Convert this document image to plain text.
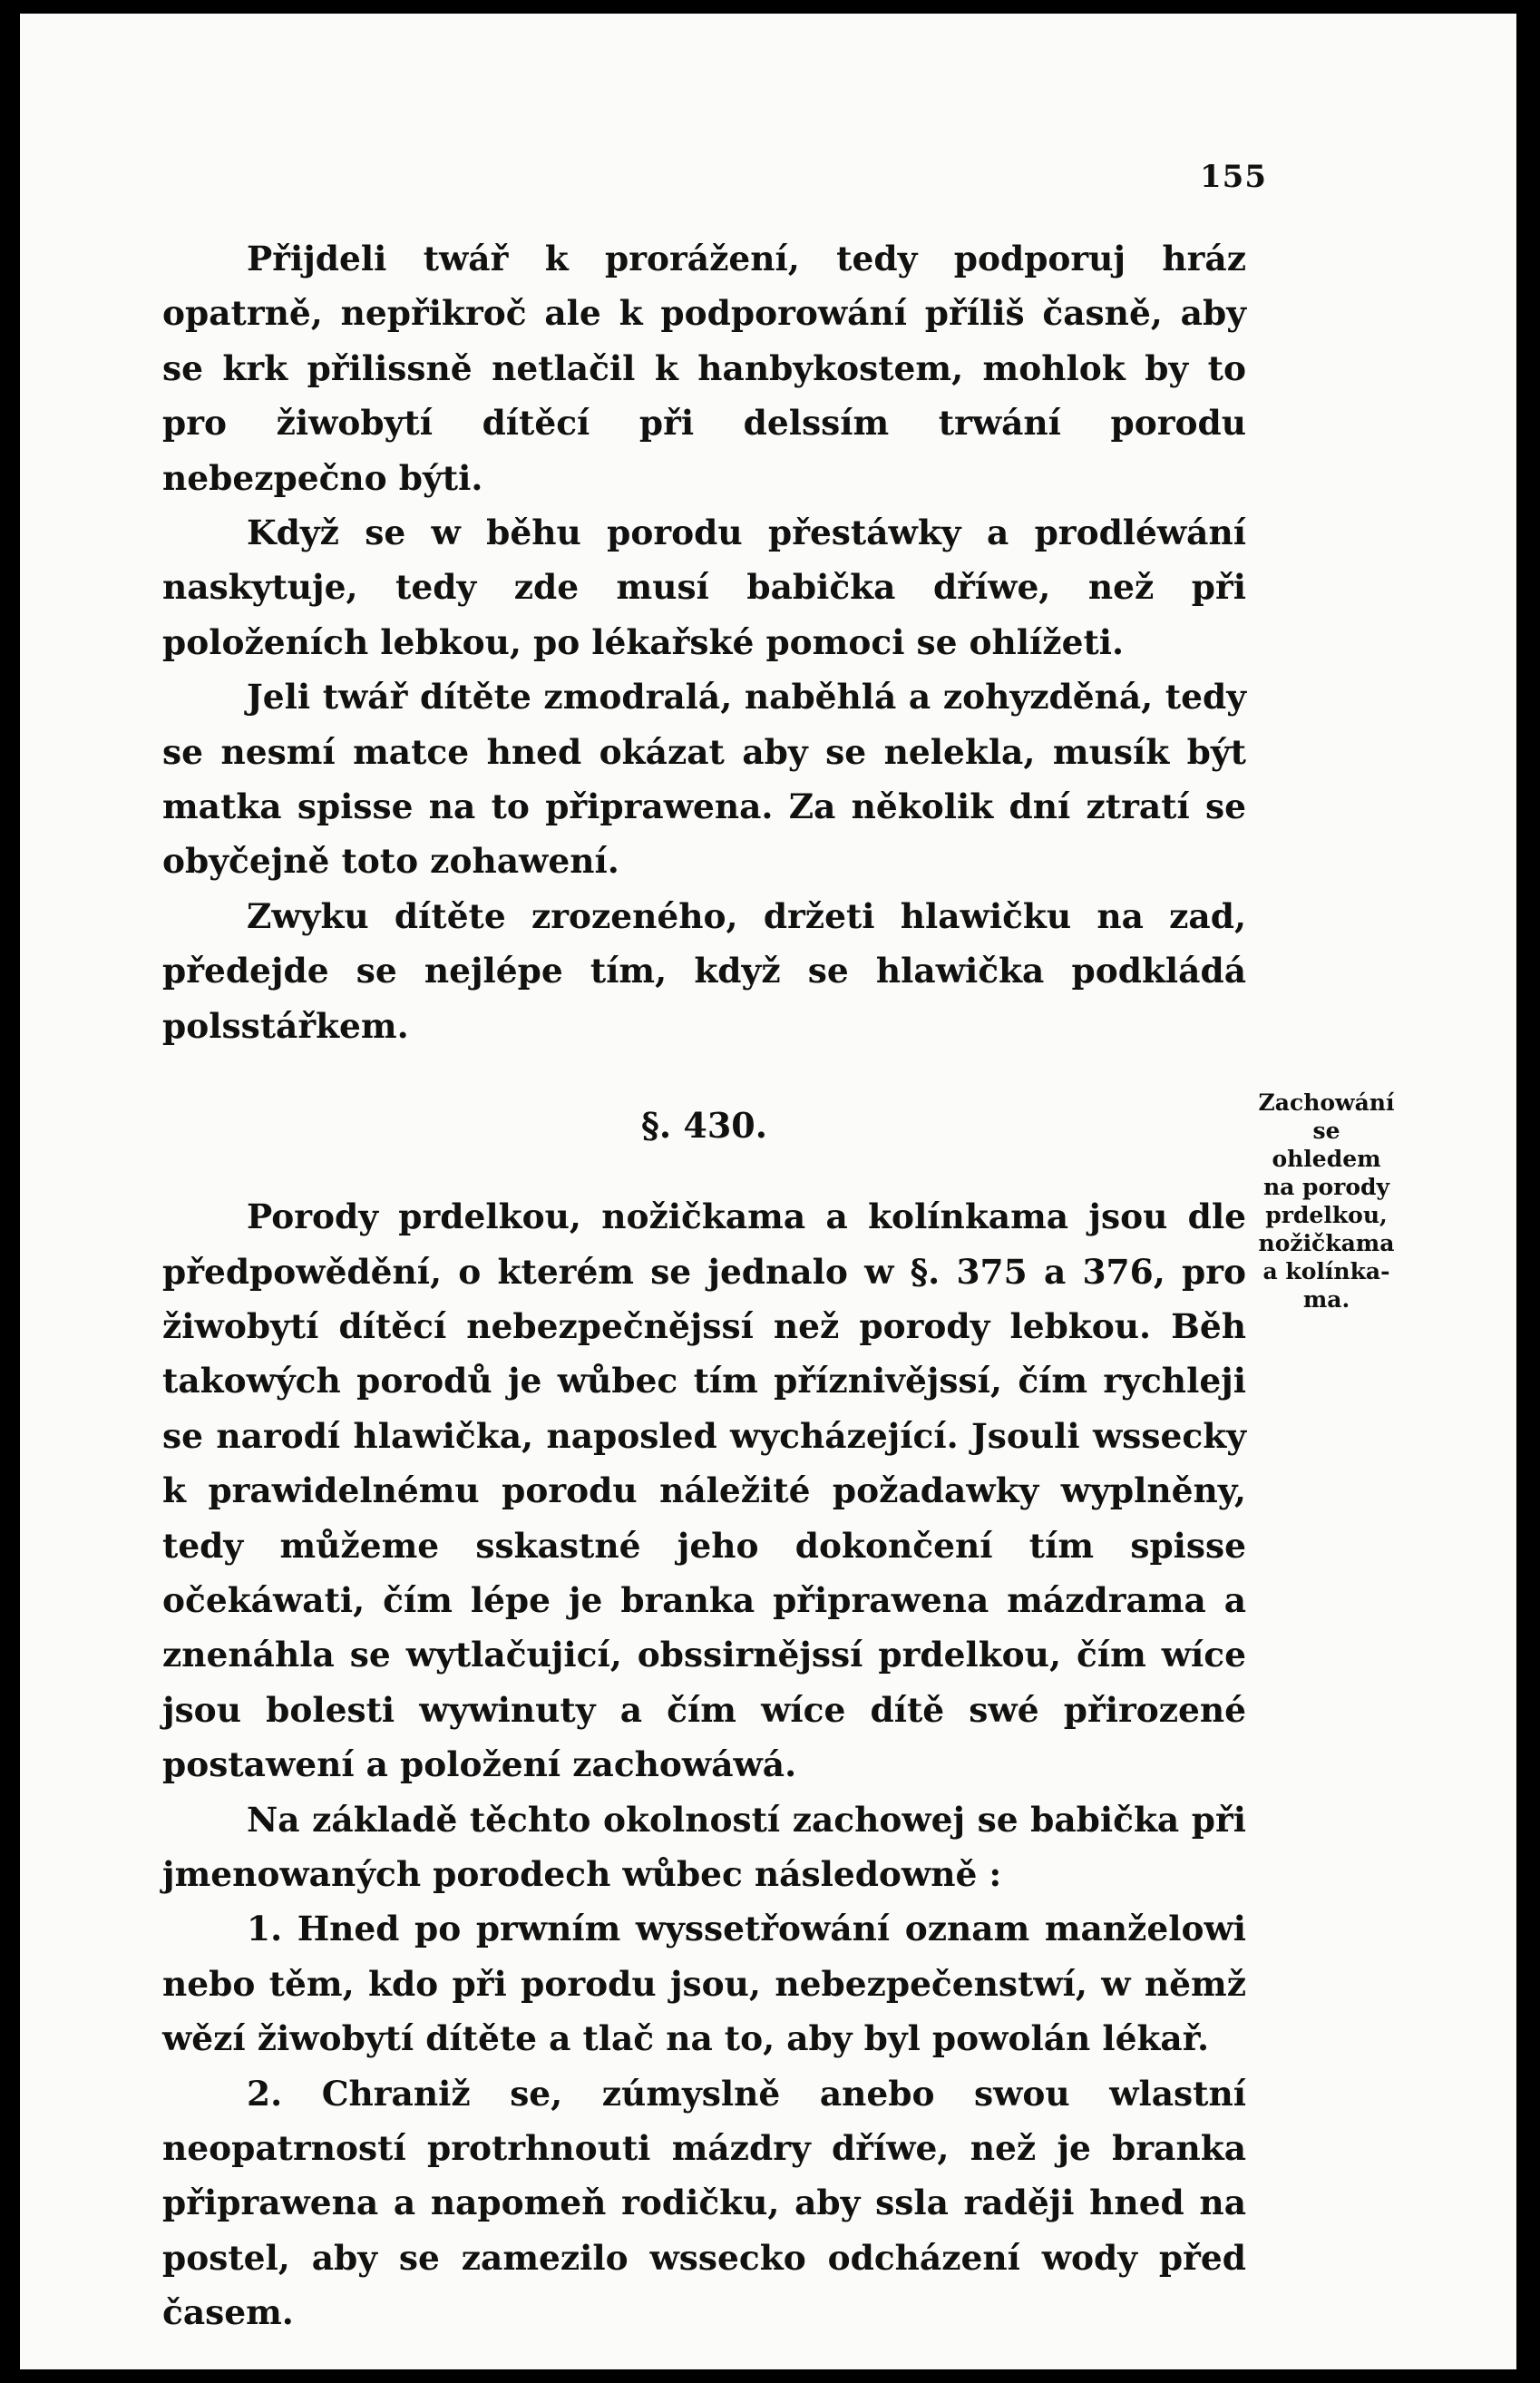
155

Přijdeli twář k prorážení, tedy podporuj hráz opatrně, nepřikroč ale k podporowání příliš časně, aby se krk přilissně netlačil k hanbykostem, mohlok by to pro žiwobytí dítěcí při delssím trwání porodu nebezpečno býti.

Když se w běhu porodu přestáwky a prodléwání naskytuje, tedy zde musí babička dříwe, než při položeních lebkou, po lékařské pomoci se ohlížeti.

Jeli twář dítěte zmodralá, naběhlá a zohyzděná, tedy se nesmí matce hned okázat aby se nelekla, musík být matka spisse na to připrawena. Za několik dní ztratí se obyčejně toto zohawení.

Zwyku dítěte zrozeného, držeti hlawičku na zad, předejde se nejlépe tím, když se hlawička podkládá polsstářkem.

§. 430.

Porody prdelkou, nožičkama a kolínkama jsou dle předpowědění, o kterém se jednalo w §. 375 a 376, pro žiwobytí dítěcí nebezpečnějssí než porody lebkou. Běh takowých porodů je wůbec tím příznivějssí, čím rychleji se narodí hlawička, naposled wycházející. Jsouli wssecky k prawidelnému porodu náležité požadawky wyplněny, tedy můžeme sskastné jeho dokončení tím spisse očekáwati, čím lépe je branka připrawena mázdrama a znenáhla se wytlačujicí, obssirnějssí prdelkou, čím wíce jsou bolesti wywinuty a čím wíce dítě swé přirozené postawení a položení zachowáwá.

Na základě těchto okolností zachowej se babička při jmenowaných porodech wůbec následowně :

1. Hned po prwním wyssetřowání oznam manželowi nebo těm, kdo při porodu jsou, nebezpečenstwí, w němž wězí žiwobytí dítěte a tlač na to, aby byl powolán lékař.

2. Chraniž se, zúmyslně anebo swou wlastní neopatrností protrhnouti mázdry dříwe, než je branka připrawena a napomeň rodičku, aby ssla raději hned na postel, aby se zamezilo wssecko odcházení wody před časem.

Zachowání
se ohledem
na porody
prdelkou,
nožičkama
a kolínka-
ma.
